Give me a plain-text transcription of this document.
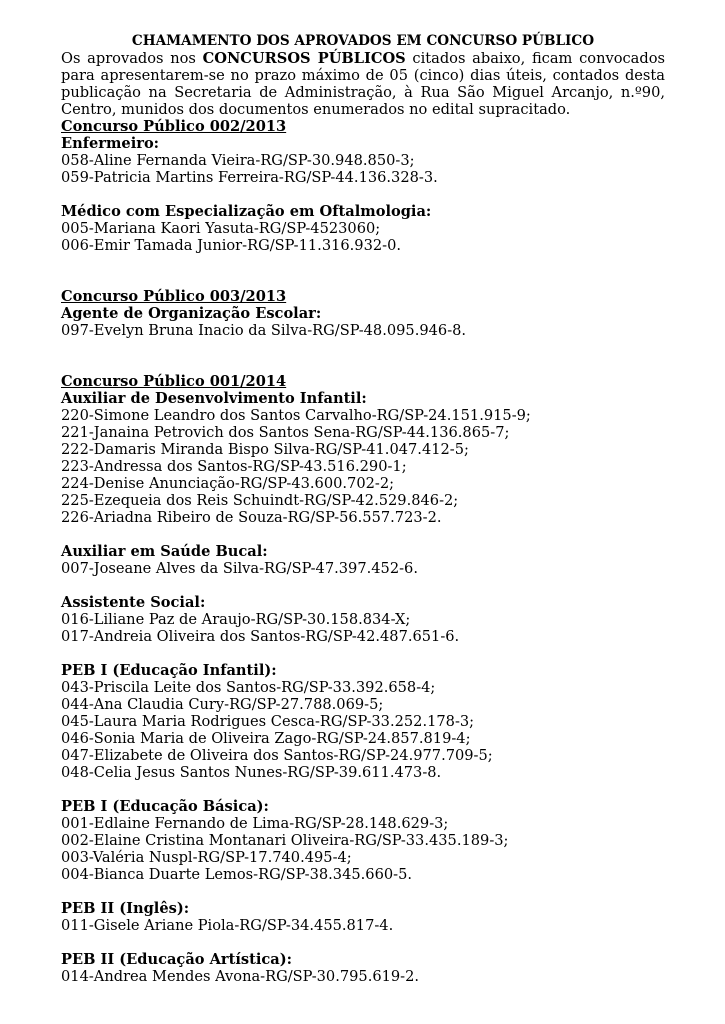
CHAMAMENTO DOS APROVADOS EM CONCURSO PÚBLICO

Os aprovados nos CONCURSOS PÚBLICOS citados abaixo, ficam convocados para apresentarem-se no prazo máximo de 05 (cinco) dias úteis, contados desta publicação na Secretaria de Administração, à Rua São Miguel Arcanjo, n.º90, Centro, munidos dos documentos enumerados no edital supracitado.

Concurso Público 002/2013

Enfermeiro:

058-Aline Fernanda Vieira-RG/SP-30.948.850-3;

059-Patricia Martins Ferreira-RG/SP-44.136.328-3.

Médico com Especialização em Oftalmologia:

005-Mariana Kaori Yasuta-RG/SP-4523060;

006-Emir Tamada Junior-RG/SP-11.316.932-0.

Concurso Público 003/2013

Agente de Organização Escolar:

097-Evelyn Bruna Inacio da Silva-RG/SP-48.095.946-8.

Concurso Público 001/2014

Auxiliar de Desenvolvimento Infantil:

220-Simone Leandro dos Santos Carvalho-RG/SP-24.151.915-9;

221-Janaina Petrovich dos Santos Sena-RG/SP-44.136.865-7;

222-Damaris Miranda Bispo Silva-RG/SP-41.047.412-5;

223-Andressa dos Santos-RG/SP-43.516.290-1;

224-Denise Anunciação-RG/SP-43.600.702-2;

225-Ezequeia dos Reis Schuindt-RG/SP-42.529.846-2;

226-Ariadna Ribeiro de Souza-RG/SP-56.557.723-2.

Auxiliar em Saúde Bucal:

007-Joseane Alves da Silva-RG/SP-47.397.452-6.

Assistente Social:

016-Liliane Paz de Araujo-RG/SP-30.158.834-X;

017-Andreia Oliveira dos Santos-RG/SP-42.487.651-6.

PEB I (Educação Infantil):

043-Priscila Leite dos Santos-RG/SP-33.392.658-4;

044-Ana Claudia Cury-RG/SP-27.788.069-5;

045-Laura Maria Rodrigues Cesca-RG/SP-33.252.178-3;

046-Sonia Maria de Oliveira Zago-RG/SP-24.857.819-4;

047-Elizabete de Oliveira dos Santos-RG/SP-24.977.709-5;

048-Celia Jesus Santos Nunes-RG/SP-39.611.473-8.

PEB I (Educação Básica):

001-Edlaine Fernando de Lima-RG/SP-28.148.629-3;

002-Elaine Cristina Montanari Oliveira-RG/SP-33.435.189-3;

003-Valéria Nuspl-RG/SP-17.740.495-4;

004-Bianca Duarte Lemos-RG/SP-38.345.660-5.

PEB II (Inglês):

011-Gisele Ariane Piola-RG/SP-34.455.817-4.

PEB II (Educação Artística):

014-Andrea Mendes Avona-RG/SP-30.795.619-2.
